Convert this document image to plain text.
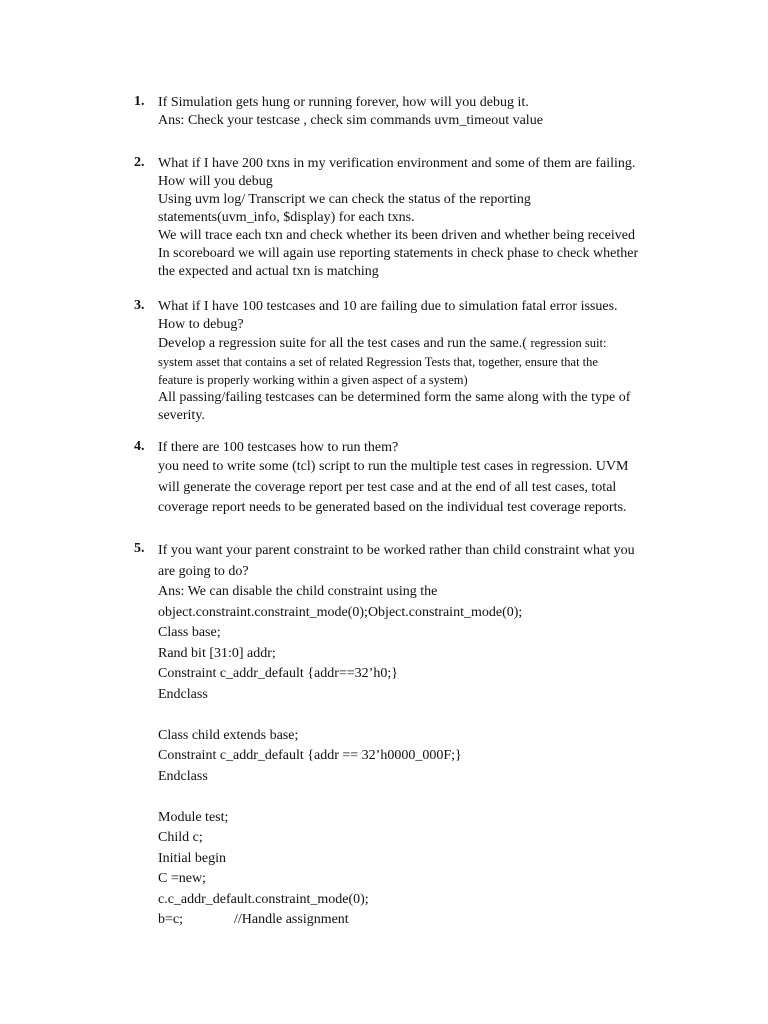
1. If Simulation gets hung or running forever, how will you debug it.
Ans: Check your testcase , check sim commands uvm_timeout value
2. What if I have 200 txns in my verification environment and some of them are failing.
How will you debug
Using uvm log/ Transcript we can check the status of the reporting
statements(uvm_info, $display) for each txns.
We will trace each txn and check whether its been driven and whether being received
In scoreboard we will again use reporting statements in check phase to check whether
the expected and actual txn is matching
3. What if I have 100 testcases and 10 are failing due to simulation fatal error issues.
How to debug?
Develop a regression suite for all the test cases and run the same.( regression suit:
system asset that contains a set of related Regression Tests that, together, ensure that the
feature is properly working within a given aspect of a system)
All passing/failing testcases can be determined form the same along with the type of
severity.
4. If there are 100 testcases how to run them?
you need to write some (tcl) script to run the multiple test cases in regression. UVM
will generate the coverage report per test case and at the end of all test cases, total
coverage report needs to be generated based on the individual test coverage reports.
5. If you want your parent constraint to be worked rather than child constraint what you
are going to do?
Ans: We can disable the child constraint using the
object.constraint.constraint_mode(0);Object.constraint_mode(0);
Class base;
Rand bit [31:0] addr;
Constraint c_addr_default {addr==32’h0;}
Endclass
Class child extends base;
Constraint c_addr_default {addr == 32’h0000_000F;}
Endclass
Module test;
Child c;
Initial begin
C =new;
c.c_addr_default.constraint_mode(0);
b=c;	//Handle assignment
